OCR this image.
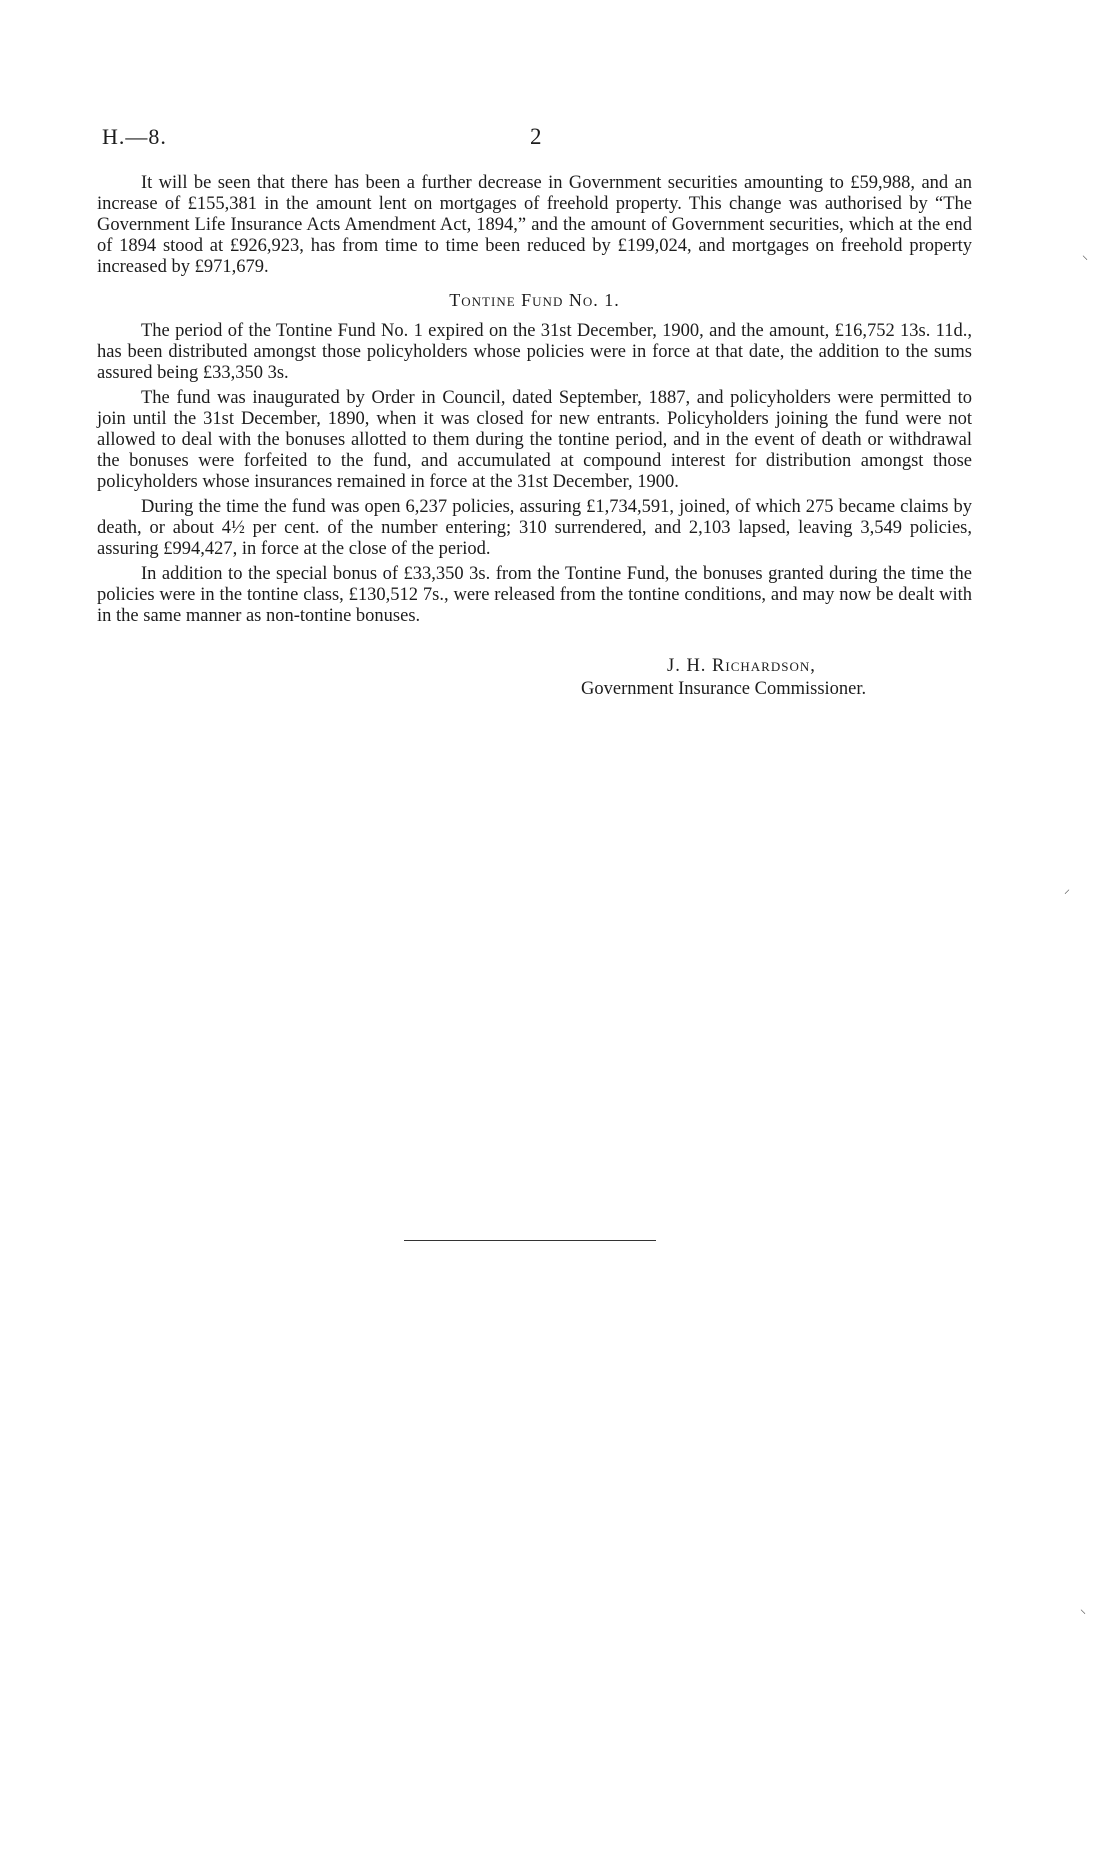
H.—8.	2

It will be seen that there has been a further decrease in Government securities amounting to £59,988, and an increase of £155,381 in the amount lent on mortgages of freehold property. This change was authorised by “The Government Life Insurance Acts Amendment Act, 1894,” and the amount of Government securities, which at the end of 1894 stood at £926,923, has from time to time been reduced by £199,024, and mortgages on freehold property increased by £971,679.

Tontine Fund No. 1.

The period of the Tontine Fund No. 1 expired on the 31st December, 1900, and the amount, £16,752 13s. 11d., has been distributed amongst those policyholders whose policies were in force at that date, the addition to the sums assured being £33,350 3s.

The fund was inaugurated by Order in Council, dated September, 1887, and policyholders were permitted to join until the 31st December, 1890, when it was closed for new entrants. Policyholders joining the fund were not allowed to deal with the bonuses allotted to them during the tontine period, and in the event of death or withdrawal the bonuses were forfeited to the fund, and accumulated at compound interest for distribution amongst those policyholders whose insurances remained in force at the 31st December, 1900.

During the time the fund was open 6,237 policies, assuring £1,734,591, joined, of which 275 became claims by death, or about 4½ per cent. of the number entering; 310 surrendered, and 2,103 lapsed, leaving 3,549 policies, assuring £994,427, in force at the close of the period.

In addition to the special bonus of £33,350 3s. from the Tontine Fund, the bonuses granted during the time the policies were in the tontine class, £130,512 7s., were released from the tontine conditions, and may now be dealt with in the same manner as non-tontine bonuses.

J. H. Richardson,
Government Insurance Commissioner.
⸜
⸝
⸜
